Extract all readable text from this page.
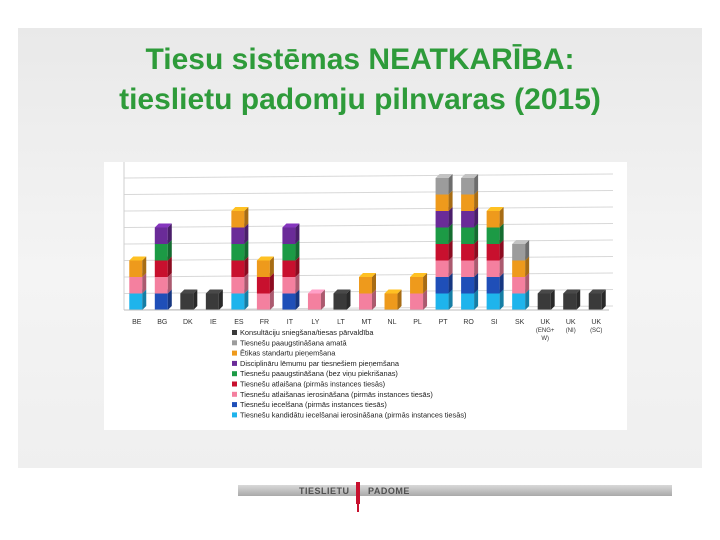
Tiesu sistēmas NEATKARĪBA:
tieslietu padomju pilnvaras (2015)
BE BG DK IE	ES FR	IT	LY	LT MT NL PL PT RO SI	SK UK
(ENG+
W)
UK
(NI)
UK
(SC)
Konsultāciju sniegšana/tiesas pārvaldība
Tiesnešu paaugstināšana amatā
Ētikas standartu pieņemšana
Disciplināru lēmumu par tiesnešiem pieņemšana
Tiesnešu paaugstināšana (bez viņu piekrišanas)
Tiesnešu atlaišana (pirmās instances tiesās)
Tiesnešu atlaišanas ierosināšana (pirmās instances tiesās)
Tiesnešu iecelšana (pirmās instances tiesās)
Tiesnešu kandidātu iecelšanai ierosināšana (pirmās instances tiesās)
TIESLIETU PADOME
